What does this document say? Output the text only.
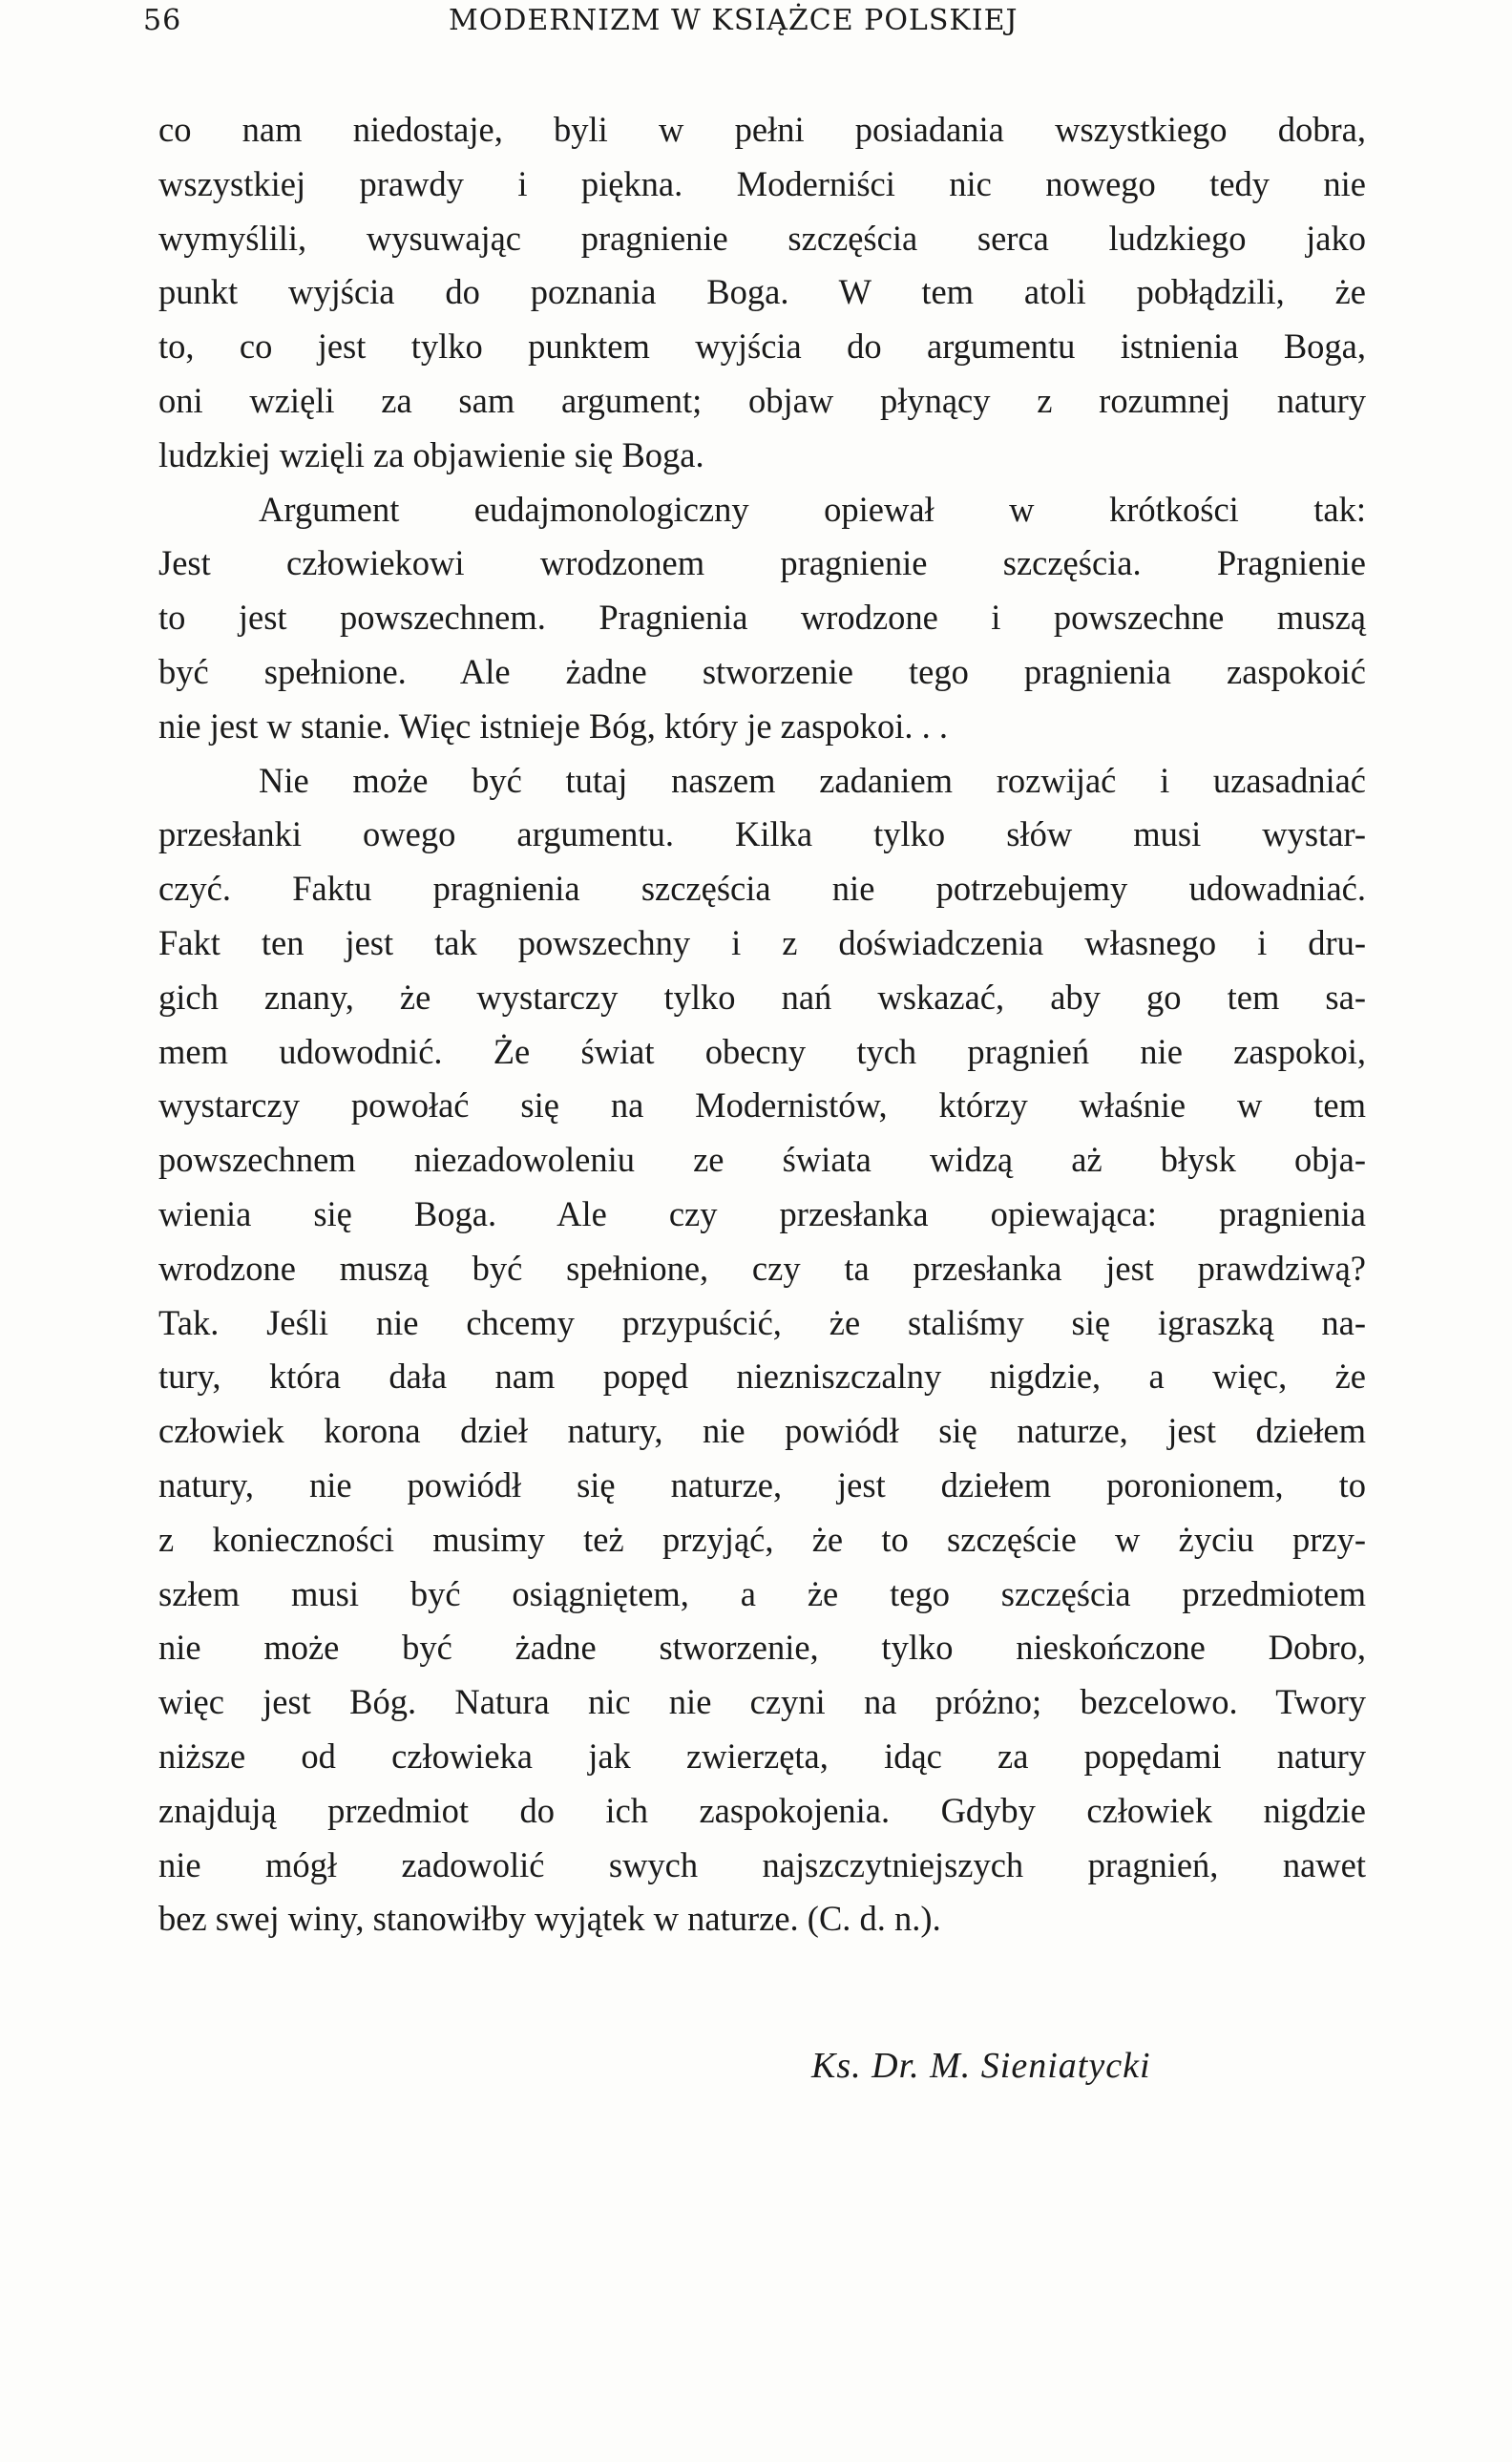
56	MODERNIZM W KSIĄŻCE POLSKIEJ

co nam niedostaje, byli w pełni posiadania wszystkiego dobra,
wszystkiej prawdy i piękna. Moderniści nic nowego tedy nie
wymyślili, wysuwając pragnienie szczęścia serca ludzkiego jako
punkt wyjścia do poznania Boga. W tem atoli pobłądzili, że
to, co jest tylko punktem wyjścia do argumentu istnienia Boga,
oni wzięli za sam argument; objaw płynący z rozumnej natury
ludzkiej wzięli za objawienie się Boga.

Argument eudajmonologiczny opiewał w krótkości tak:
Jest człowiekowi wrodzonem pragnienie szczęścia. Pragnienie
to jest powszechnem. Pragnienia wrodzone i powszechne muszą
być spełnione. Ale żadne stworzenie tego pragnienia zaspokoić
nie jest w stanie. Więc istnieje Bóg, który je zaspokoi. . .

Nie może być tutaj naszem zadaniem rozwijać i uzasadniać
przesłanki owego argumentu. Kilka tylko słów musi wystar-
czyć. Faktu pragnienia szczęścia nie potrzebujemy udowadniać.
Fakt ten jest tak powszechny i z doświadczenia własnego i dru-
gich znany, że wystarczy tylko nań wskazać, aby go tem sa-
mem udowodnić. Że świat obecny tych pragnień nie zaspokoi,
wystarczy powołać się na Modernistów, którzy właśnie w tem
powszechnem niezadowoleniu ze świata widzą aż błysk obja-
wienia się Boga. Ale czy przesłanka opiewająca: pragnienia
wrodzone muszą być spełnione, czy ta przesłanka jest prawdziwą?
Tak. Jeśli nie chcemy przypuścić, że staliśmy się igraszką na-
tury, która dała nam popęd niezniszczalny nigdzie, a więc, że
człowiek korona dzieł natury, nie powiódł się naturze, jest dziełem
natury, nie powiódł się naturze, jest dziełem poronionem, to
z konieczności musimy też przyjąć, że to szczęście w życiu przy-
szłem musi być osiągniętem, a że tego szczęścia przedmiotem
nie może być żadne stworzenie, tylko nieskończone Dobro,
więc jest Bóg. Natura nic nie czyni na próżno; bezcelowo. Twory
niższe od człowieka jak zwierzęta, idąc za popędami natury
znajdują przedmiot do ich zaspokojenia. Gdyby człowiek nigdzie
nie mógł zadowolić swych najszczytniejszych pragnień, nawet
bez swej winy, stanowiłby wyjątek w naturze. (C. d. n.).

Ks. Dr. M. Sieniatycki
